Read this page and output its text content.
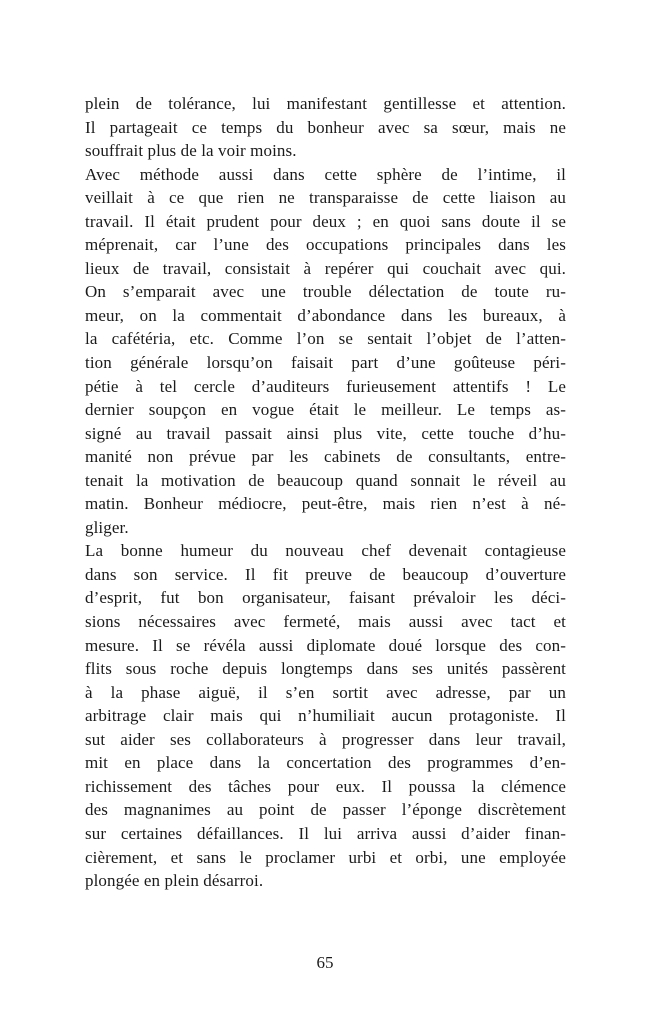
plein de tolérance, lui manifestant gentillesse et attention.
Il partageait ce temps du bonheur avec sa sœur, mais ne
souffrait plus de la voir moins.
Avec méthode aussi dans cette sphère de l’intime, il
veillait à ce que rien ne transparaisse de cette liaison au
travail. Il était prudent pour deux ; en quoi sans doute il se
méprenait, car l’une des occupations principales dans les
lieux de travail, consistait à repérer qui couchait avec qui.
On s’emparait avec une trouble délectation de toute ru-
meur, on la commentait d’abondance dans les bureaux, à
la cafétéria, etc. Comme l’on se sentait l’objet de l’atten-
tion générale lorsqu’on faisait part d’une goûteuse péri-
pétie à tel cercle d’auditeurs furieusement attentifs ! Le
dernier soupçon en vogue était le meilleur. Le temps as-
signé au travail passait ainsi plus vite, cette touche d’hu-
manité non prévue par les cabinets de consultants, entre-
tenait la motivation de beaucoup quand sonnait le réveil au
matin. Bonheur médiocre, peut-être, mais rien n’est à né-
gliger.
La bonne humeur du nouveau chef devenait contagieuse
dans son service. Il fit preuve de beaucoup d’ouverture
d’esprit, fut bon organisateur, faisant prévaloir les déci-
sions nécessaires avec fermeté, mais aussi avec tact et
mesure. Il se révéla aussi diplomate doué lorsque des con-
flits sous roche depuis longtemps dans ses unités passèrent
à la phase aiguë, il s’en sortit avec adresse, par un
arbitrage clair mais qui n’humiliait aucun protagoniste. Il
sut aider ses collaborateurs à progresser dans leur travail,
mit en place dans la concertation des programmes d’en-
richissement des tâches pour eux. Il poussa la clémence
des magnanimes au point de passer l’éponge discrètement
sur certaines défaillances. Il lui arriva aussi d’aider finan-
cièrement, et sans le proclamer urbi et orbi, une employée
plongée en plein désarroi.
65
